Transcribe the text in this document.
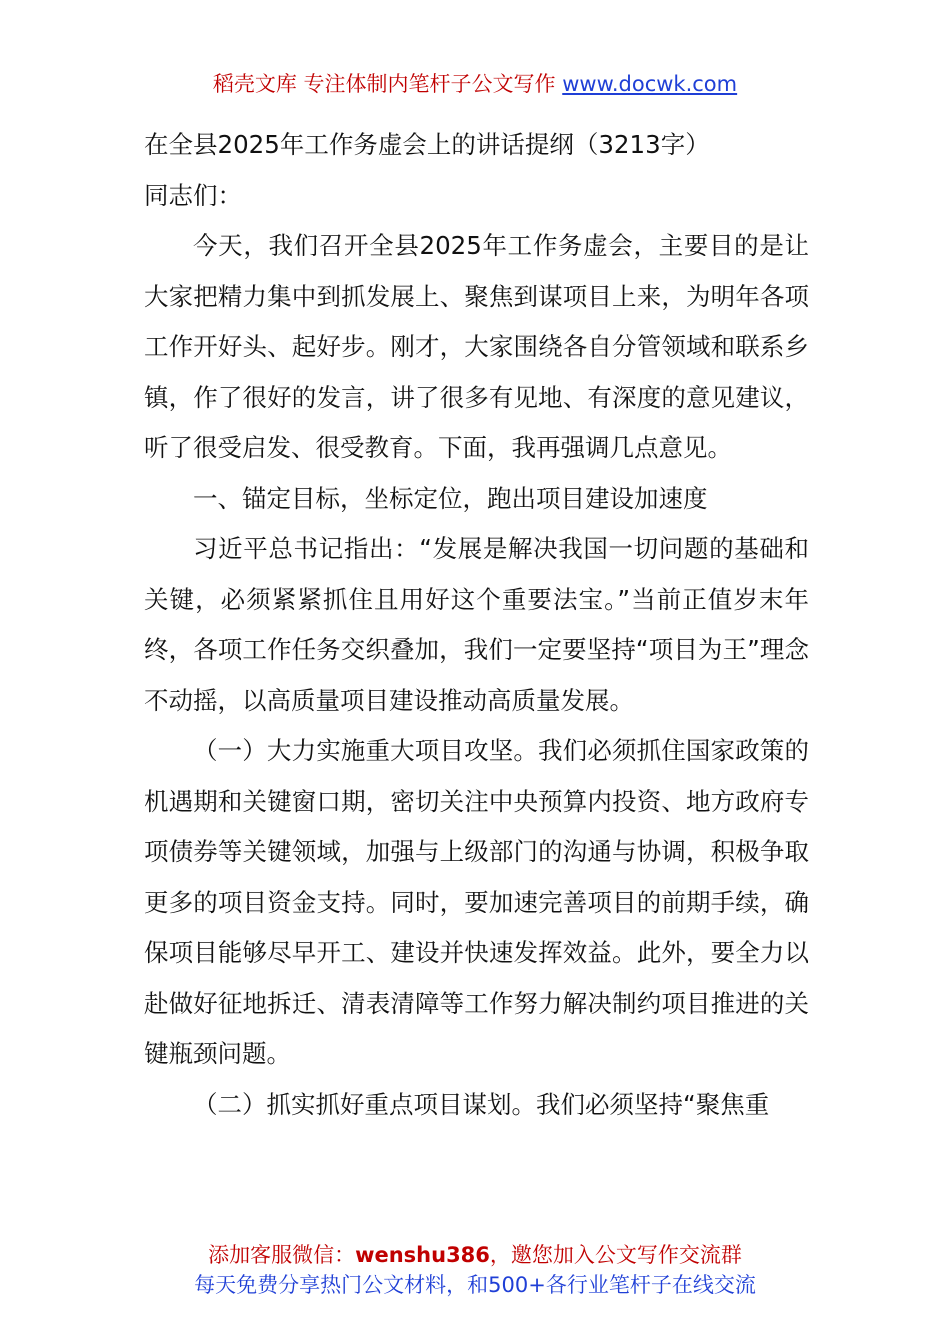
稻壳文库 专注体制内笔杆子公文写作 www.docwk.com

在全县2025年工作务虚会上的讲话提纲（3213字）

同志们：

今天，我们召开全县2025年工作务虚会，主要目的是让大家把精力集中到抓发展上、聚焦到谋项目上来，为明年各项工作开好头、起好步。刚才，大家围绕各自分管领域和联系乡镇，作了很好的发言，讲了很多有见地、有深度的意见建议，听了很受启发、很受教育。下面，我再强调几点意见。

一、锚定目标，坐标定位，跑出项目建设加速度

习近平总书记指出：“发展是解决我国一切问题的基础和关键，必须紧紧抓住且用好这个重要法宝。”当前正值岁末年终，各项工作任务交织叠加，我们一定要坚持“项目为王”理念不动摇，以高质量项目建设推动高质量发展。

（一）大力实施重大项目攻坚。我们必须抓住国家政策的机遇期和关键窗口期，密切关注中央预算内投资、地方政府专项债券等关键领域，加强与上级部门的沟通与协调，积极争取更多的项目资金支持。同时，要加速完善项目的前期手续，确保项目能够尽早开工、建设并快速发挥效益。此外，要全力以赴做好征地拆迁、清表清障等工作努力解决制约项目推进的关键瓶颈问题。

（二）抓实抓好重点项目谋划。我们必须坚持“聚焦重

添加客服微信：wenshu386，邀您加入公文写作交流群
每天免费分享热门公文材料，和500+各行业笔杆子在线交流
